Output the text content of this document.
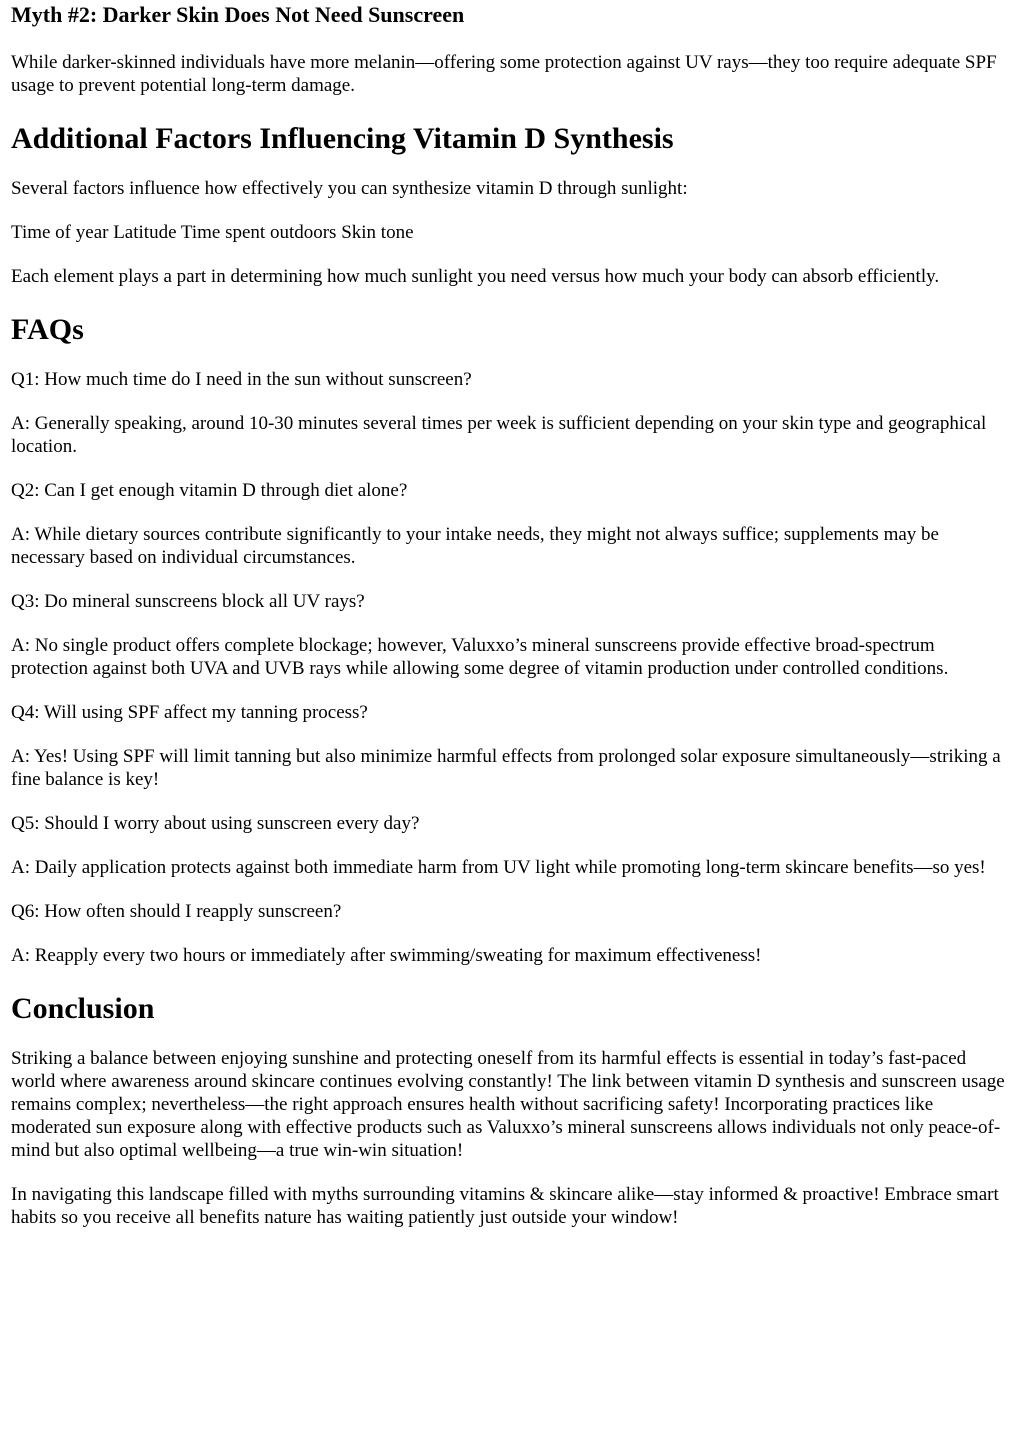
Myth #2: Darker Skin Does Not Need Sunscreen

While darker-skinned individuals have more melanin—offering some protection against UV rays—they too require adequate SPF usage to prevent potential long-term damage.

Additional Factors Influencing Vitamin D Synthesis

Several factors influence how effectively you can synthesize vitamin D through sunlight:

Time of year Latitude Time spent outdoors Skin tone

Each element plays a part in determining how much sunlight you need versus how much your body can absorb efficiently.

FAQs

Q1: How much time do I need in the sun without sunscreen?

A: Generally speaking, around 10-30 minutes several times per week is sufficient depending on your skin type and geographical location.

Q2: Can I get enough vitamin D through diet alone?

A: While dietary sources contribute significantly to your intake needs, they might not always suffice; supplements may be necessary based on individual circumstances.

Q3: Do mineral sunscreens block all UV rays?

A: No single product offers complete blockage; however, Valuxxo’s mineral sunscreens provide effective broad-spectrum protection against both UVA and UVB rays while allowing some degree of vitamin production under controlled conditions.

Q4: Will using SPF affect my tanning process?

A: Yes! Using SPF will limit tanning but also minimize harmful effects from prolonged solar exposure simultaneously—striking a fine balance is key!

Q5: Should I worry about using sunscreen every day?

A: Daily application protects against both immediate harm from UV light while promoting long-term skincare benefits—so yes!

Q6: How often should I reapply sunscreen?

A: Reapply every two hours or immediately after swimming/sweating for maximum effectiveness!

Conclusion

Striking a balance between enjoying sunshine and protecting oneself from its harmful effects is essential in today’s fast-paced world where awareness around skincare continues evolving constantly! The link between vitamin D synthesis and sunscreen usage remains complex; nevertheless—the right approach ensures health without sacrificing safety! Incorporating practices like moderated sun exposure along with effective products such as Valuxxo’s mineral sunscreens allows individuals not only peace-of-mind but also optimal wellbeing—a true win-win situation!

In navigating this landscape filled with myths surrounding vitamins & skincare alike—stay informed & proactive! Embrace smart habits so you receive all benefits nature has waiting patiently just outside your window!
